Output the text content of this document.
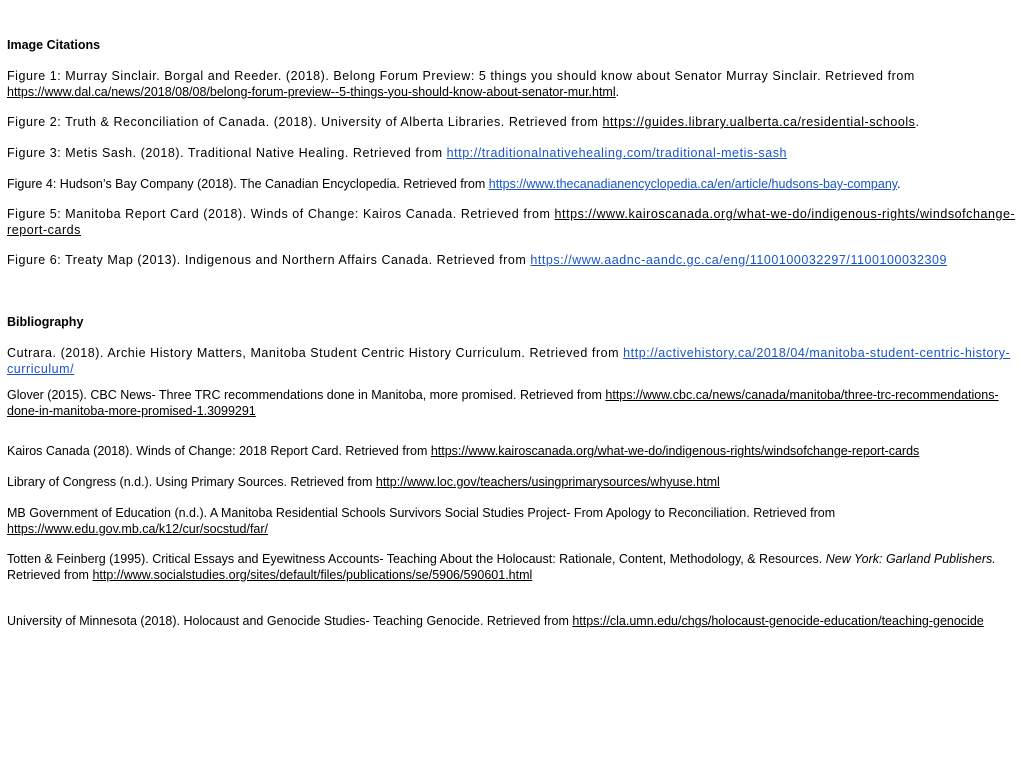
Image Citations
Figure 1: Murray Sinclair. Borgal and Reeder. (2018). Belong Forum Preview: 5 things you should know about Senator Murray Sinclair. Retrieved from https://www.dal.ca/news/2018/08/08/belong-forum-preview--5-things-you-should-know-about-senator-mur.html.
Figure 2: Truth & Reconciliation of Canada. (2018). University of Alberta Libraries. Retrieved from https://guides.library.ualberta.ca/residential-schools.
Figure 3: Metis Sash. (2018). Traditional Native Healing. Retrieved from http://traditionalnativehealing.com/traditional-metis-sash
Figure 4: Hudson’s Bay Company (2018). The Canadian Encyclopedia. Retrieved from https://www.thecanadianencyclopedia.ca/en/article/hudsons-bay-company.
Figure 5: Manitoba Report Card (2018). Winds of Change: Kairos Canada. Retrieved from https://www.kairoscanada.org/what-we-do/indigenous-rights/windsofchange-report-cards
Figure 6: Treaty Map (2013). Indigenous and Northern Affairs Canada. Retrieved from https://www.aadnc-aandc.gc.ca/eng/1100100032297/1100100032309
Bibliography
Cutrara. (2018). Archie History Matters, Manitoba Student Centric History Curriculum. Retrieved from http://activehistory.ca/2018/04/manitoba-student-centric-history-curriculum/
Glover (2015). CBC News- Three TRC recommendations done in Manitoba, more promised. Retrieved from https://www.cbc.ca/news/canada/manitoba/three-trc-recommendations-done-in-manitoba-more-promised-1.3099291
Kairos Canada (2018). Winds of Change: 2018 Report Card. Retrieved from https://www.kairoscanada.org/what-we-do/indigenous-rights/windsofchange-report-cards
Library of Congress (n.d.). Using Primary Sources. Retrieved from http://www.loc.gov/teachers/usingprimarysources/whyuse.html
MB Government of Education (n.d.). A Manitoba Residential Schools Survivors Social Studies Project- From Apology to Reconciliation. Retrieved from https://www.edu.gov.mb.ca/k12/cur/socstud/far/
Totten & Feinberg (1995). Critical Essays and Eyewitness Accounts- Teaching About the Holocaust: Rationale, Content, Methodology, & Resources. New York: Garland Publishers. Retrieved from http://www.socialstudies.org/sites/default/files/publications/se/5906/590601.html
University of Minnesota (2018). Holocaust and Genocide Studies- Teaching Genocide. Retrieved from https://cla.umn.edu/chgs/holocaust-genocide-education/teaching-genocide
